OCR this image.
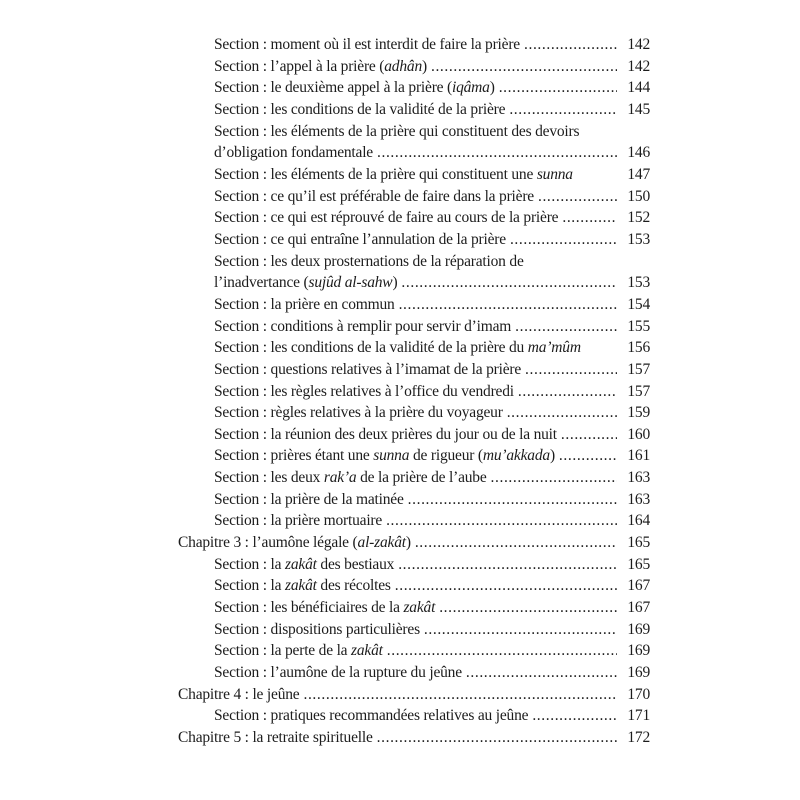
Section : moment où il est interdit de faire la prière .....	142
Section : l’appel à la prière (adhân) .....	142
Section : le deuxième appel à la prière (iqâma) .....	144
Section : les conditions de la validité de la prière .....	145
Section : les éléments de la prière qui constituent des devoirs
d’obligation fondamentale .....	146
Section : les éléments de la prière qui constituent une sunna	147
Section : ce qu’il est préférable de faire dans la prière .....	150
Section : ce qui est réprouvé de faire au cours de la prière .....	152
Section : ce qui entraîne l’annulation de la prière .....	153
Section : les deux prosternations de la réparation de
l’inadvertance (sujûd al-sahw) .....	153
Section : la prière en commun .....	154
Section : conditions à remplir pour servir d’imam .....	155
Section : les conditions de la validité de la prière du ma’mûm	156
Section : questions relatives à l’imamat de la prière .....	157
Section : les règles relatives à l’office du vendredi .....	157
Section : règles relatives à la prière du voyageur .....	159
Section : la réunion des deux prières du jour ou de la nuit .....	160
Section : prières étant une sunna de rigueur (mu’akkada) .....	161
Section : les deux rak’a de la prière de l’aube .....	163
Section : la prière de la matinée .....	163
Section : la prière mortuaire .....	164
Chapitre 3 : l’aumône légale (al-zakât) .....	165
Section : la zakât des bestiaux .....	165
Section : la zakât des récoltes .....	167
Section : les bénéficiaires de la zakât .....	167
Section : dispositions particulières .....	169
Section : la perte de la zakât .....	169
Section : l’aumône de la rupture du jeûne .....	169
Chapitre 4 : le jeûne .....	170
Section : pratiques recommandées relatives au jeûne .....	171
Chapitre 5 : la retraite spirituelle .....	172
